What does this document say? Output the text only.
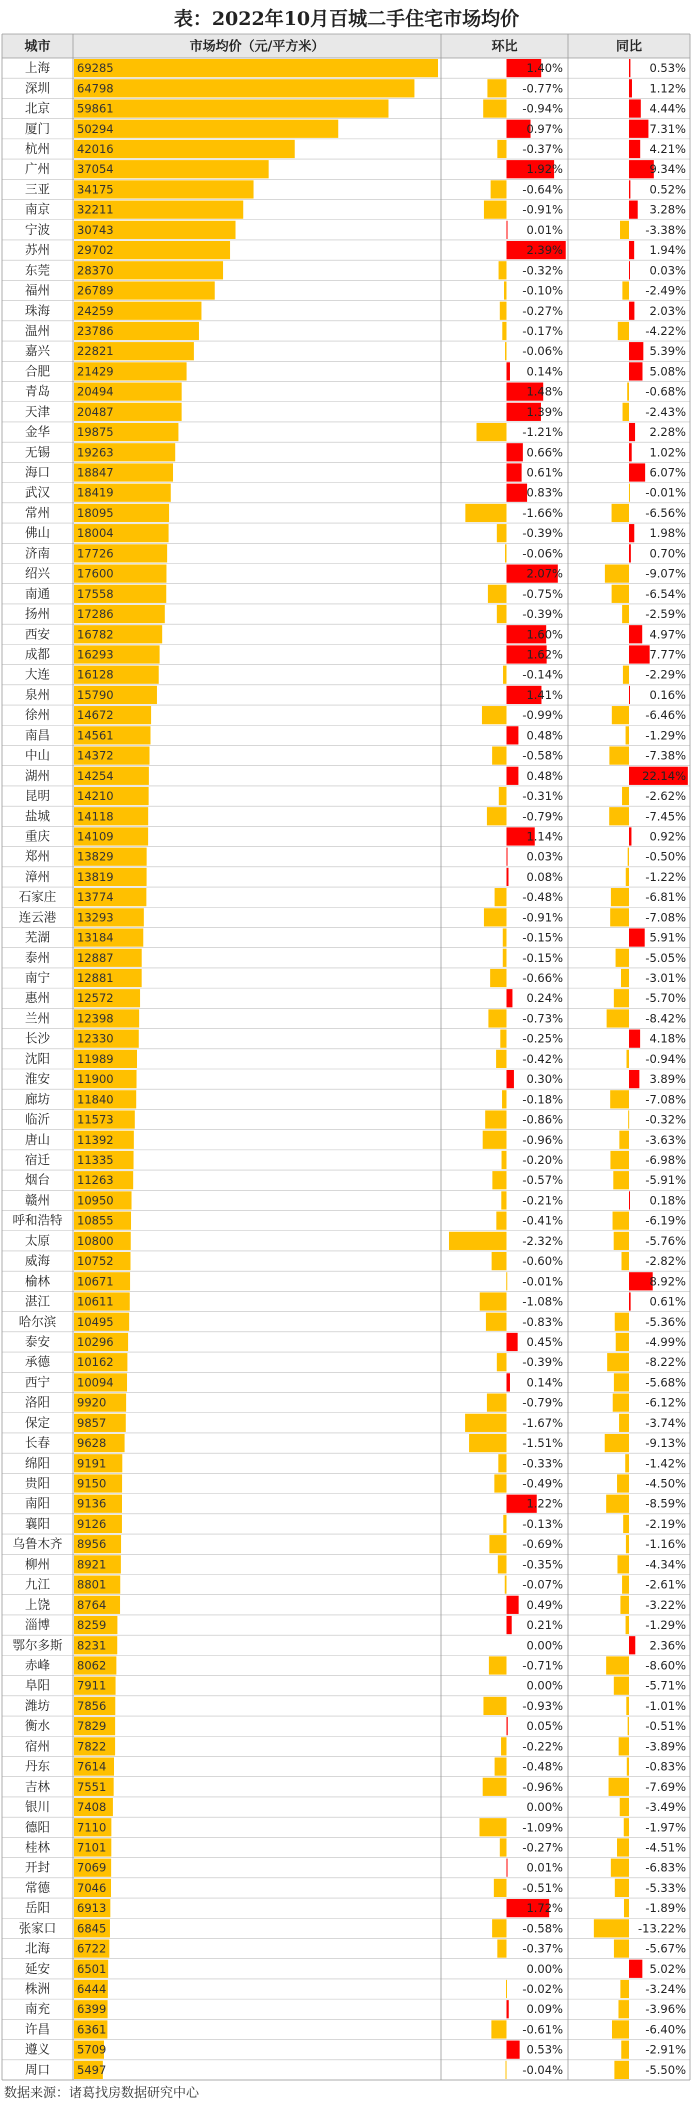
表：2022年10月百城二手住宅市场均价
城市	市场均价（元/平方米）	环比	同比
上海 69285	1.40%	0.53%
深圳 64798	-0.77%	1.12%
北京 59861	-0.94%	4.44%
厦门 50294	0.97%	7.31%
杭州 42016	-0.37%	4.21%
广州 37054	1.92%	9.34%
三亚 34175	-0.64%	0.52%
南京 32211	-0.91%	3.28%
宁波 30743	0.01%	-3.38%
苏州 29702	2.39%	1.94%
东莞 28370	-0.32%	0.03%
福州 26789	-0.10%	-2.49%
珠海 24259	-0.27%	2.03%
温州 23786	-0.17%	-4.22%
嘉兴 22821	-0.06%	5.39%
合肥 21429	0.14%	5.08%
青岛 20494	1.48%	-0.68%
天津 20487	1.39%	-2.43%
金华 19875	-1.21%	2.28%
无锡 19263	0.66%	1.02%
海口 18847	0.61%	6.07%
武汉 18419	0.83%	-0.01%
常州 18095	-1.66%	-6.56%
佛山 18004	-0.39%	1.98%
济南 17726	-0.06%	0.70%
绍兴 17600	2.07%	-9.07%
南通 17558	-0.75%	-6.54%
扬州 17286	-0.39%	-2.59%
西安 16782	1.60%	4.97%
成都 16293	1.62%	7.77%
大连 16128	-0.14%	-2.29%
泉州 15790	1.41%	0.16%
徐州 14672	-0.99%	-6.46%
南昌 14561	0.48%	-1.29%
中山 14372	-0.58%	-7.38%
湖州 14254	0.48%	22.14%
昆明 14210	-0.31%	-2.62%
盐城 14118	-0.79%	-7.45%
重庆 14109	1.14%	0.92%
郑州 13829	0.03%	-0.50%
漳州 13819	0.08%	-1.22%
石家庄 13774	-0.48%	-6.81%
连云港 13293	-0.91%	-7.08%
芜湖 13184	-0.15%	5.91%
泰州 12887	-0.15%	-5.05%
南宁 12881	-0.66%	-3.01%
惠州 12572	0.24%	-5.70%
兰州 12398	-0.73%	-8.42%
长沙 12330	-0.25%	4.18%
沈阳 11989	-0.42%	-0.94%
淮安 11900	0.30%	3.89%
廊坊 11840	-0.18%	-7.08%
临沂 11573	-0.86%	-0.32%
唐山 11392	-0.96%	-3.63%
宿迁 11335	-0.20%	-6.98%
烟台 11263	-0.57%	-5.91%
赣州 10950	-0.21%	0.18%
呼和浩特 10855	-0.41%	-6.19%
太原 10800	-2.32%	-5.76%
威海 10752	-0.60%	-2.82%
榆林 10671	-0.01%	8.92%
湛江 10611	-1.08%	0.61%
哈尔滨 10495	-0.83%	-5.36%
泰安 10296	0.45%	-4.99%
承德 10162	-0.39%	-8.22%
西宁 10094	0.14%	-5.68%
洛阳 9920	-0.79%	-6.12%
保定 9857	-1.67%	-3.74%
长春 9628	-1.51%	-9.13%
绵阳 9191	-0.33%	-1.42%
贵阳 9150	-0.49%	-4.50%
南阳 9136	1.22%	-8.59%
襄阳 9126	-0.13%	-2.19%
乌鲁木齐 8956	-0.69%	-1.16%
柳州 8921	-0.35%	-4.34%
九江 8801	-0.07%	-2.61%
上饶 8764	0.49%	-3.22%
淄博 8259	0.21%	-1.29%
鄂尔多斯 8231	0.00%	2.36%
赤峰 8062	-0.71%	-8.60%
阜阳 7911	0.00%	-5.71%
潍坊 7856	-0.93%	-1.01%
衡水 7829	0.05%	-0.51%
宿州 7822	-0.22%	-3.89%
丹东 7614	-0.48%	-0.83%
吉林 7551	-0.96%	-7.69%
银川 7408	0.00%	-3.49%
德阳 7110	-1.09%	-1.97%
桂林 7101	-0.27%	-4.51%
开封 7069	0.01%	-6.83%
常德 7046	-0.51%	-5.33%
岳阳 6913	1.72%	-1.89%
张家口 6845	-0.58%	-13.22%
北海 6722	-0.37%	-5.67%
延安 6501	0.00%	5.02%
株洲 6444	-0.02%	-3.24%
南充 6399	0.09%	-3.96%
许昌 6361	-0.61%	-6.40%
遵义 5709	0.53%	-2.91%
周口 5497	-0.04%	-5.50%
数据来源：诸葛找房数据研究中心
